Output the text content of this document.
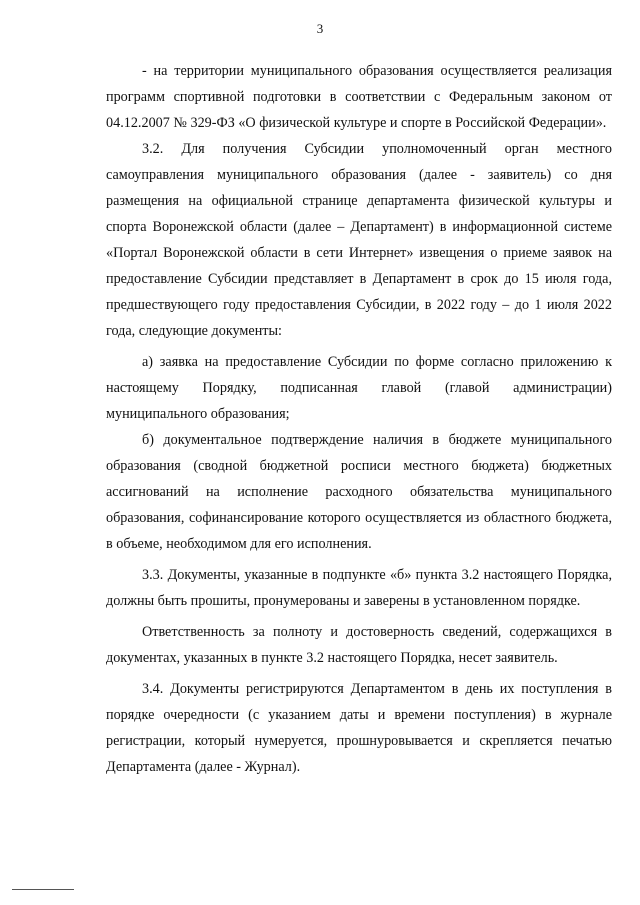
3

- на территории муниципального образования осуществляется реализация программ спортивной подготовки в соответствии с Федеральным законом от 04.12.2007 № 329-ФЗ «О физической культуре и спорте в Российской Федерации».

3.2. Для получения Субсидии уполномоченный орган местного самоуправления муниципального образования (далее - заявитель) со дня размещения на официальной странице департамента физической культуры и спорта Воронежской области (далее – Департамент) в информационной системе «Портал Воронежской области в сети Интернет» извещения о приеме заявок на предоставление Субсидии представляет в Департамент в срок до 15 июля года, предшествующего году предоставления Субсидии, в 2022 году – до 1 июля 2022 года, следующие документы:

а) заявка на предоставление Субсидии по форме согласно приложению к настоящему Порядку, подписанная главой (главой администрации) муниципального образования;

б) документальное подтверждение наличия в бюджете муниципального образования (сводной бюджетной росписи местного бюджета) бюджетных ассигнований на исполнение расходного обязательства муниципального образования, софинансирование которого осуществляется из областного бюджета, в объеме, необходимом для его исполнения.

3.3. Документы, указанные в подпункте «б» пункта 3.2 настоящего Порядка, должны быть прошиты, пронумерованы и заверены в установленном порядке.

Ответственность за полноту и достоверность сведений, содержащихся в документах, указанных в пункте 3.2 настоящего Порядка, несет заявитель.

3.4. Документы регистрируются Департаментом в день их поступления в порядке очередности (с указанием даты и времени поступления) в журнале регистрации, который нумеруется, прошнуровывается и скрепляется печатью Департамента (далее - Журнал).
